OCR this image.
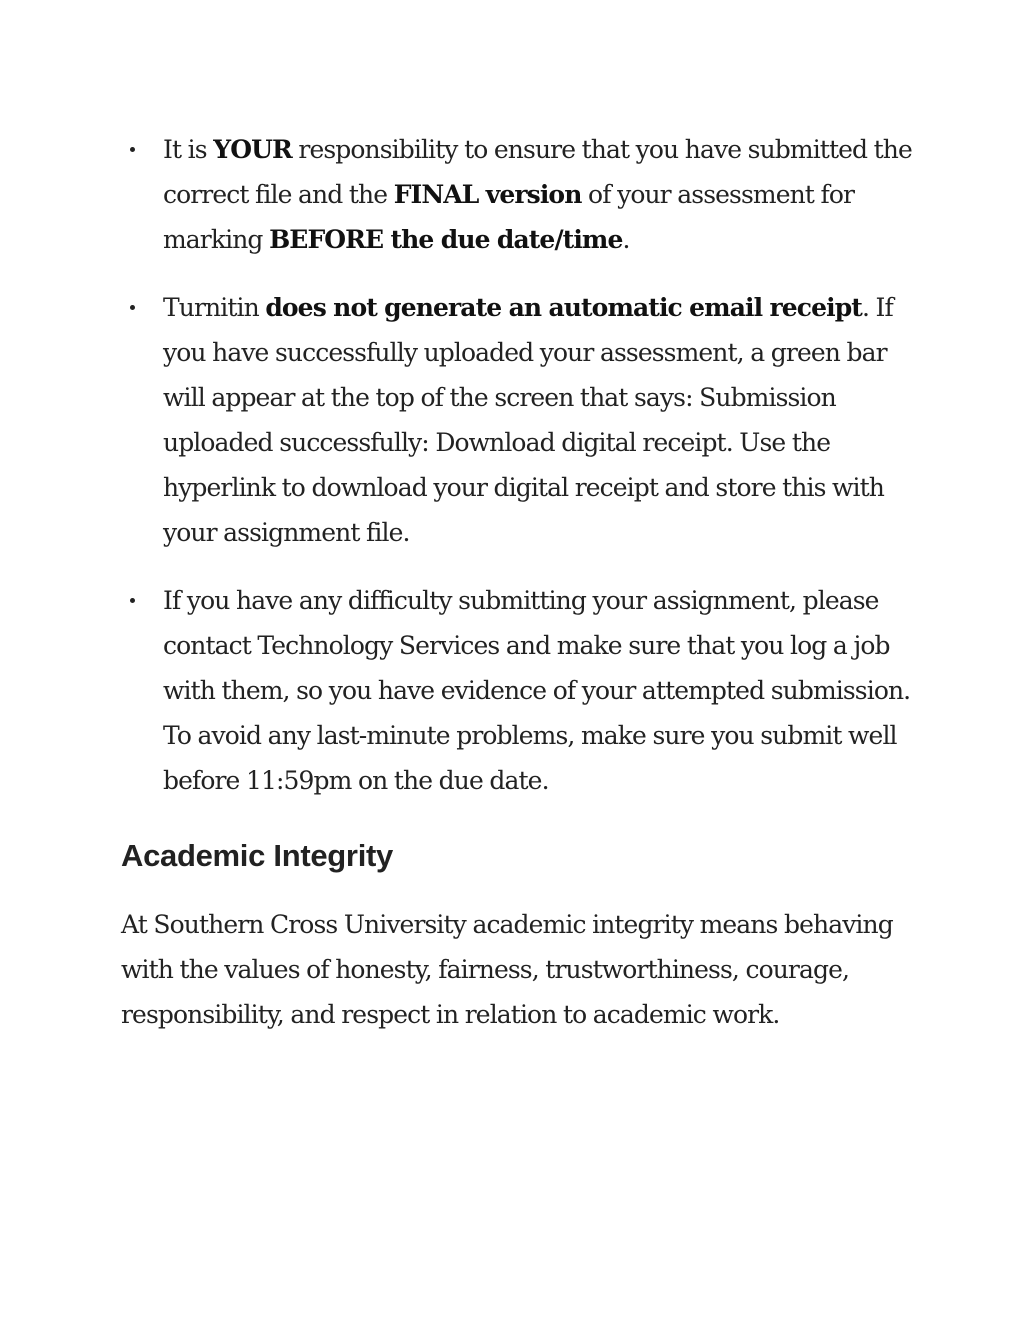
It is YOUR responsibility to ensure that you have submitted the correct file and the FINAL version of your assessment for marking BEFORE the due date/time.
Turnitin does not generate an automatic email receipt. If you have successfully uploaded your assessment, a green bar will appear at the top of the screen that says: Submission uploaded successfully: Download digital receipt. Use the hyperlink to download your digital receipt and store this with your assignment file.
If you have any difficulty submitting your assignment, please contact Technology Services and make sure that you log a job with them, so you have evidence of your attempted submission. To avoid any last-minute problems, make sure you submit well before 11:59pm on the due date.
Academic Integrity

At Southern Cross University academic integrity means behaving with the values of honesty, fairness, trustworthiness, courage, responsibility, and respect in relation to academic work.
